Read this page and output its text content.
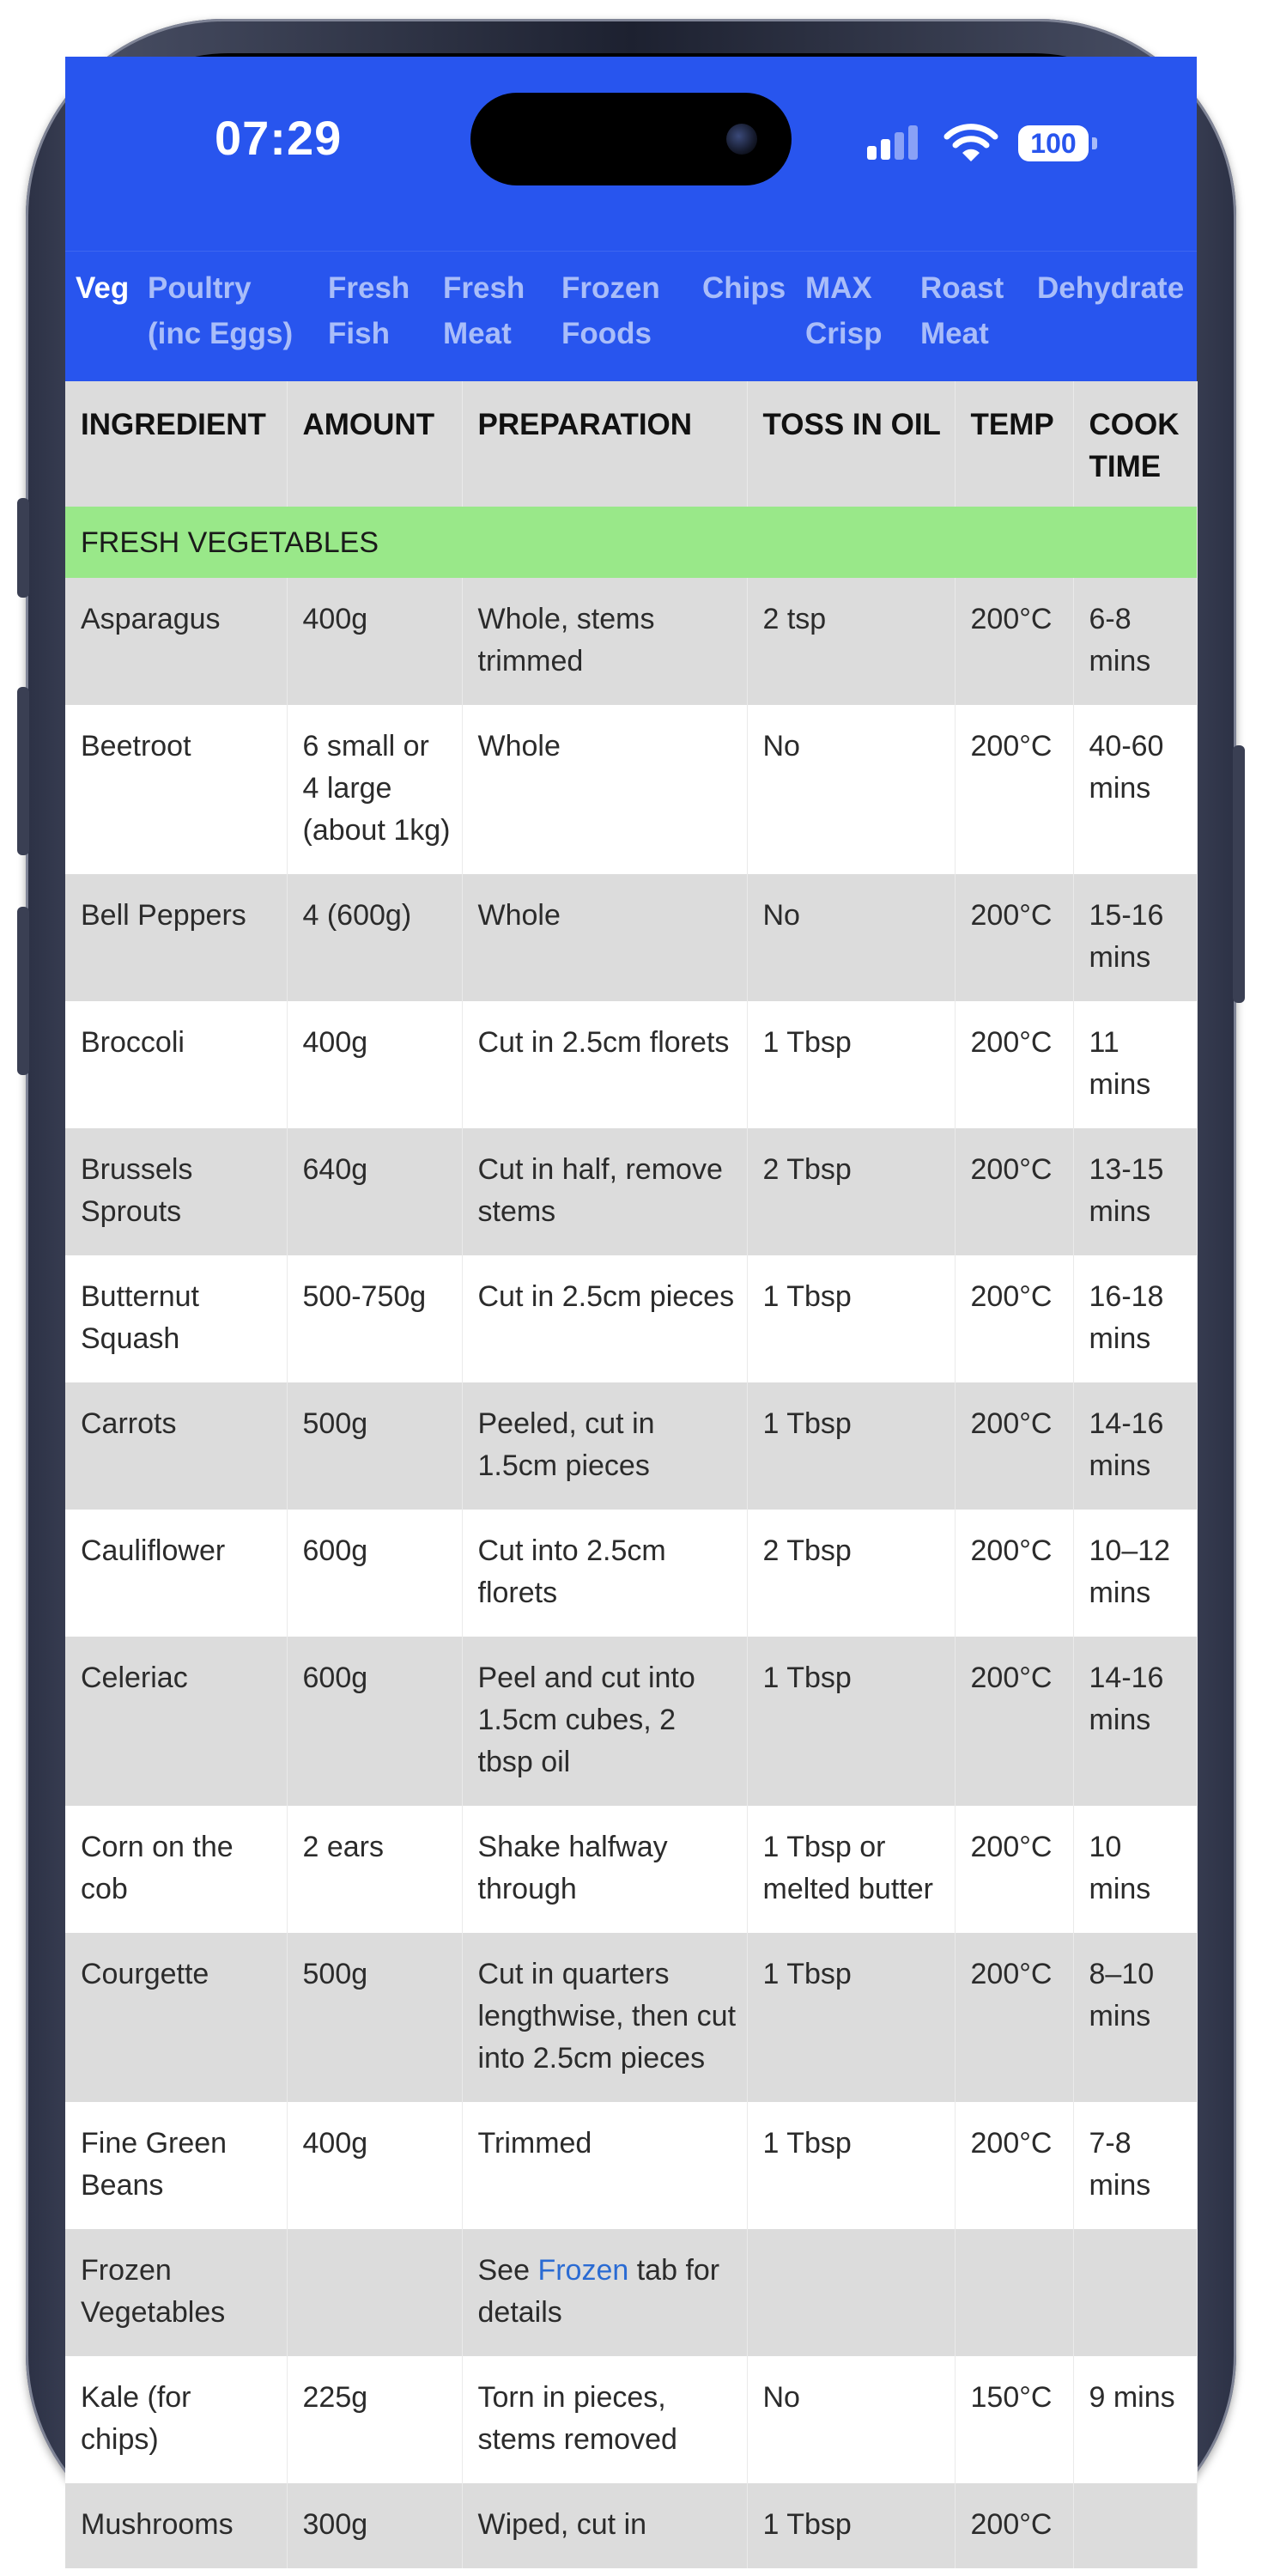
07:29	100
Veg Poultry
(inc Eggs)
Fresh
Fish
Fresh
Meat
Frozen
Foods
Chips MAX
Crisp
Roast
Meat
Dehydrate
INGREDIENT	AMOUNT	PREPARATION	TOSS IN OIL	TEMP	COOK TIME
FRESH VEGETABLES					
Asparagus	400g	Whole, stems trimmed	2 tsp	200°C	6-8 mins
Beetroot	6 small or 4 large (about 1kg)	Whole	No	200°C	40-60 mins
Bell Peppers	4 (600g)	Whole	No	200°C	15-16 mins
Broccoli	400g	Cut in 2.5cm florets	1 Tbsp	200°C	11 mins
Brussels Sprouts	640g	Cut in half, remove stems	2 Tbsp	200°C	13-15 mins
Butternut Squash	500-750g	Cut in 2.5cm pieces	1 Tbsp	200°C	16-18 mins
Carrots	500g	Peeled, cut in 1.5cm pieces	1 Tbsp	200°C	14-16 mins
Cauliflower	600g	Cut into 2.5cm florets	2 Tbsp	200°C	10–12 mins
Celeriac	600g	Peel and cut into 1.5cm cubes, 2 tbsp oil	1 Tbsp	200°C	14-16 mins
Corn on the cob	2 ears	Shake halfway through	1 Tbsp or melted butter	200°C	10 mins
Courgette	500g	Cut in quarters lengthwise, then cut into 2.5cm pieces	1 Tbsp	200°C	8–10 mins
Fine Green Beans	400g	Trimmed	1 Tbsp	200°C	7-8 mins
Frozen Vegetables		See Frozen tab for details			
Kale (for chips)	225g	Torn in pieces, stems removed	No	150°C	9 mins
Mushrooms	300g	Wiped, cut in	1 Tbsp	200°C	
